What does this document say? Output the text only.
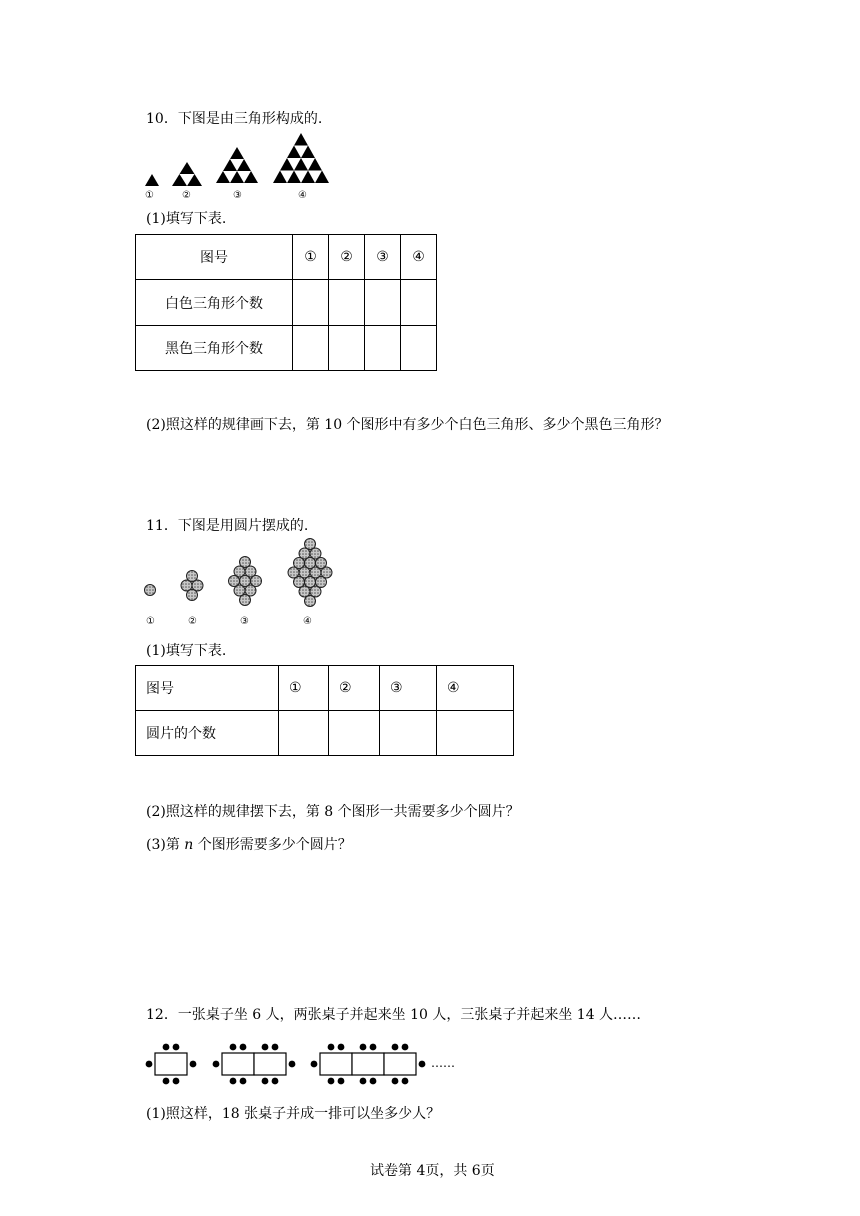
10．下图是由三角形构成的.
①	②	③	④
(1)填写下表.
图号	①	②	③	④
白色三角形个数				
黑色三角形个数				
(2)照这样的规律画下去，第 10 个图形中有多少个白色三角形、多少个黑色三角形？
11．下图是用圆片摆成的.
①	②	③	④
(1)填写下表.
图号	①	②	③	④
圆片的个数				
(2)照这样的规律摆下去，第 8 个图形一共需要多少个圆片？
(3)第 n 个图形需要多少个圆片？
12．一张桌子坐 6 人，两张桌子并起来坐 10 人，三张桌子并起来坐 14 人……
……
(1)照这样，18 张桌子并成一排可以坐多少人？
试卷第 4页，共 6页
